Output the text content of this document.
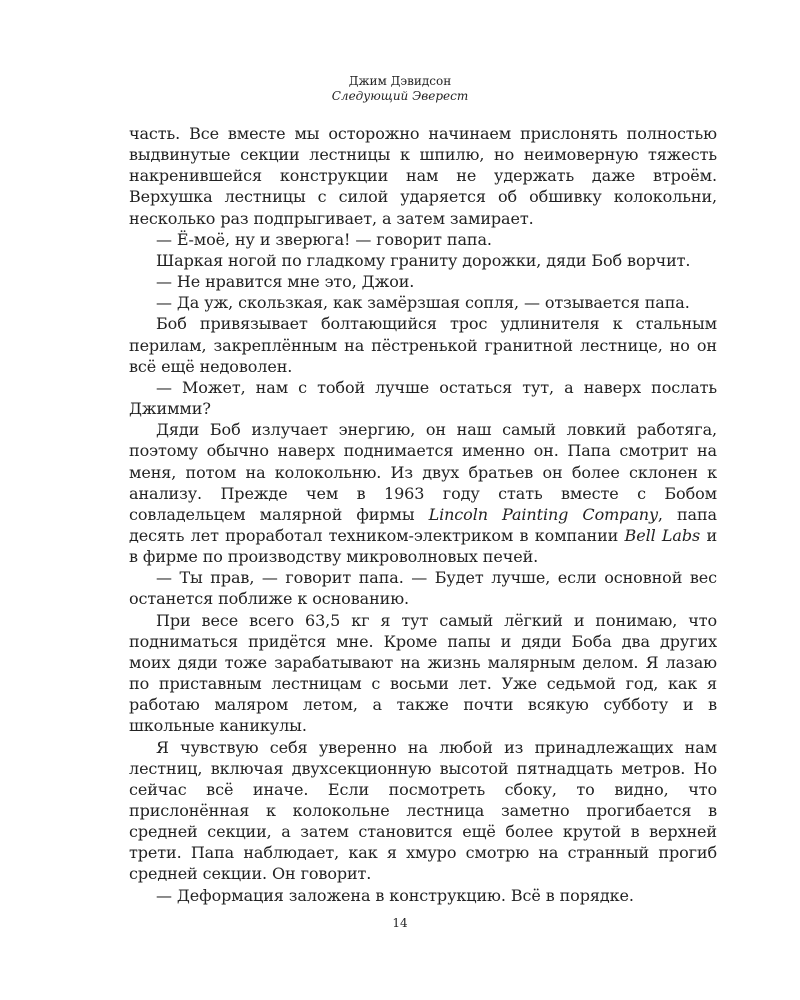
Джим Дэвидсон
Следующий Эверест

часть. Все вместе мы осторожно начинаем прислонять полностью выдвинутые секции лестницы к шпилю, но неимоверную тяжесть накренившейся конструкции нам не удержать даже втроём. Верхушка лестницы с силой ударяется об обшивку колокольни, несколько раз подпрыгивает, а затем замирает.

— Ё-моё, ну и зверюга! — говорит папа.

Шаркая ногой по гладкому граниту дорожки, дяди Боб ворчит.

— Не нравится мне это, Джои.

— Да уж, скользкая, как замёрзшая сопля, — отзывается папа.

Боб привязывает болтающийся трос удлинителя к стальным перилам, закреплённым на пёстренькой гранитной лестнице, но он всё ещё недоволен.

— Может, нам с тобой лучше остаться тут, а наверх послать Джимми?

Дяди Боб излучает энергию, он наш самый ловкий работяга, поэтому обычно наверх поднимается именно он. Папа смотрит на меня, потом на колокольню. Из двух братьев он более склонен к анализу. Прежде чем в 1963 году стать вместе с Бобом совладельцем малярной фирмы Lincoln Painting Company, папа десять лет проработал техником-электриком в компании Bell Labs и в фирме по производству микроволновых печей.

— Ты прав, — говорит папа. — Будет лучше, если основной вес останется поближе к основанию.

При весе всего 63,5 кг я тут самый лёгкий и понимаю, что подниматься придётся мне. Кроме папы и дяди Боба два других моих дяди тоже зарабатывают на жизнь малярным делом. Я лазаю по приставным лестницам с восьми лет. Уже седьмой год, как я работаю маляром летом, а также почти всякую субботу и в школьные каникулы.

Я чувствую себя уверенно на любой из принадлежащих нам лестниц, включая двухсекционную высотой пятнадцать метров. Но сейчас всё иначе. Если посмотреть сбоку, то видно, что прислонённая к колокольне лестница заметно прогибается в средней секции, а затем становится ещё более крутой в верхней трети. Папа наблюдает, как я хмуро смотрю на странный прогиб средней секции. Он говорит.

— Деформация заложена в конструкцию. Всё в порядке.

14
